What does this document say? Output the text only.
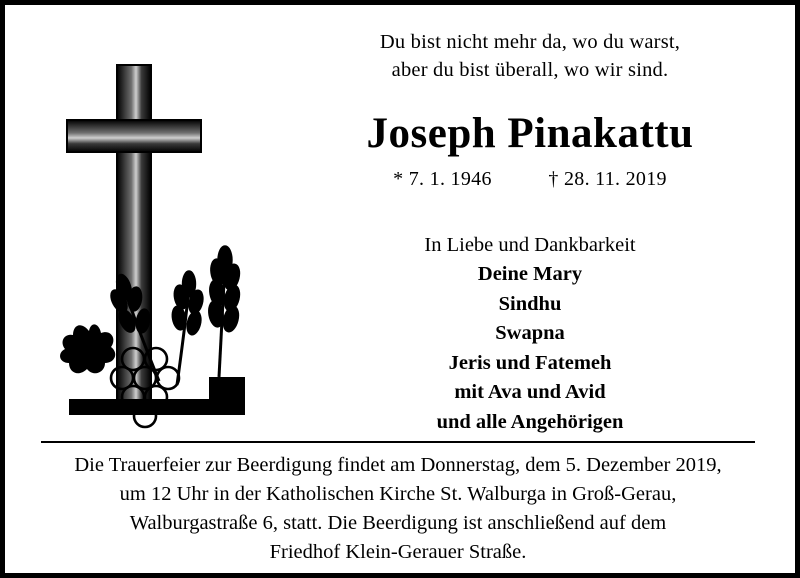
Du bist nicht mehr da, wo du warst,
aber du bist überall, wo wir sind.
Joseph Pinakattu
* 7. 1. 1946	† 28. 11. 2019
In Liebe und Dankbarkeit
Deine Mary
Sindhu
Swapna
Jeris und Fatemeh
mit Ava und Avid
und alle Angehörigen
Die Trauerfeier zur Beerdigung findet am Donnerstag, dem 5. Dezember 2019,
um 12 Uhr in der Katholischen Kirche St. Walburga in Groß-Gerau,
Walburgastraße 6, statt. Die Beerdigung ist anschließend auf dem
Friedhof Klein-Gerauer Straße.
